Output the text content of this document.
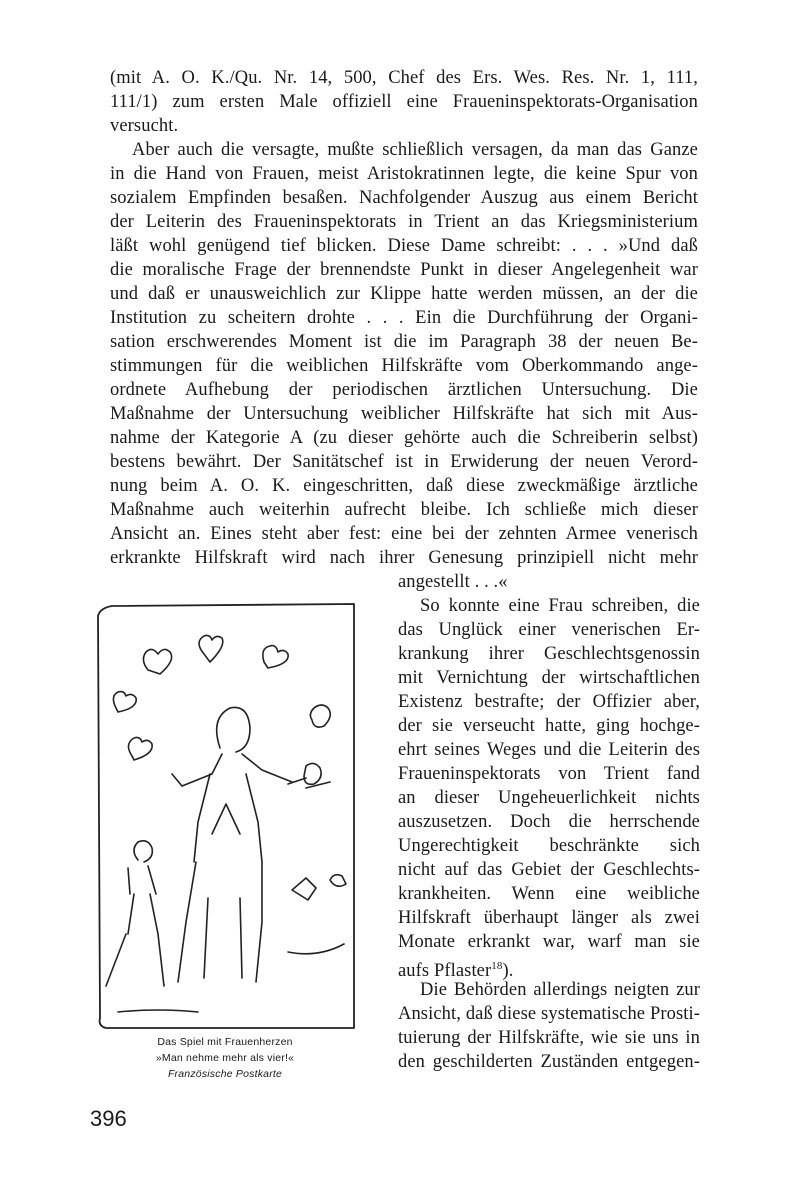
(mit A. O. K./Qu. Nr. 14, 500, Chef des Ers. Wes. Res. Nr. 1, 111,
111/1) zum ersten Male offiziell eine Fraueninspektorats-Organisation
versucht.
Aber auch die versagte, mußte schließlich versagen, da man das Ganze
in die Hand von Frauen, meist Aristokratinnen legte, die keine Spur von
sozialem Empfinden besaßen. Nachfolgender Auszug aus einem Bericht
der Leiterin des Fraueninspektorats in Trient an das Kriegsministerium
läßt wohl genügend tief blicken. Diese Dame schreibt: . . . »Und daß
die moralische Frage der brennendste Punkt in dieser Angelegenheit war
und daß er unausweichlich zur Klippe hatte werden müssen, an der die
Institution zu scheitern drohte . . . Ein die Durchführung der Organi-
sation erschwerendes Moment ist die im Paragraph 38 der neuen Be-
stimmungen für die weiblichen Hilfskräfte vom Oberkommando ange-
ordnete Aufhebung der periodischen ärztlichen Untersuchung. Die
Maßnahme der Untersuchung weiblicher Hilfskräfte hat sich mit Aus-
nahme der Kategorie A (zu dieser gehörte auch die Schreiberin selbst)
bestens bewährt. Der Sanitätschef ist in Erwiderung der neuen Verord-
nung beim A. O. K. eingeschritten, daß diese zweckmäßige ärztliche
Maßnahme auch weiterhin aufrecht bleibe. Ich schließe mich dieser
Ansicht an. Eines steht aber fest: eine bei der zehnten Armee venerisch
erkrankte Hilfskraft wird nach ihrer Genesung prinzipiell nicht mehr
angestellt . . .«
So konnte eine Frau schreiben, die
das Unglück einer venerischen Er-
krankung ihrer Geschlechtsgenossin
mit Vernichtung der wirtschaftlichen
Existenz bestrafte; der Offizier aber,
der sie verseucht hatte, ging hochge-
ehrt seines Weges und die Leiterin des
Fraueninspektorats von Trient fand
an dieser Ungeheuerlichkeit nichts
auszusetzen. Doch die herrschende
Ungerechtigkeit beschränkte sich
nicht auf das Gebiet der Geschlechts-
krankheiten. Wenn eine weibliche
Hilfskraft überhaupt länger als zwei
Monate erkrankt war, warf man sie
aufs Pflaster$^{18}$).
Die Behörden allerdings neigten zur
Ansicht, daß diese systematische Prosti-
tuierung der Hilfskräfte, wie sie uns in
den geschilderten Zuständen entgegen-
Das Spiel mit Frauenherzen
»Man nehme mehr als vier!«
Französische Postkarte
396
